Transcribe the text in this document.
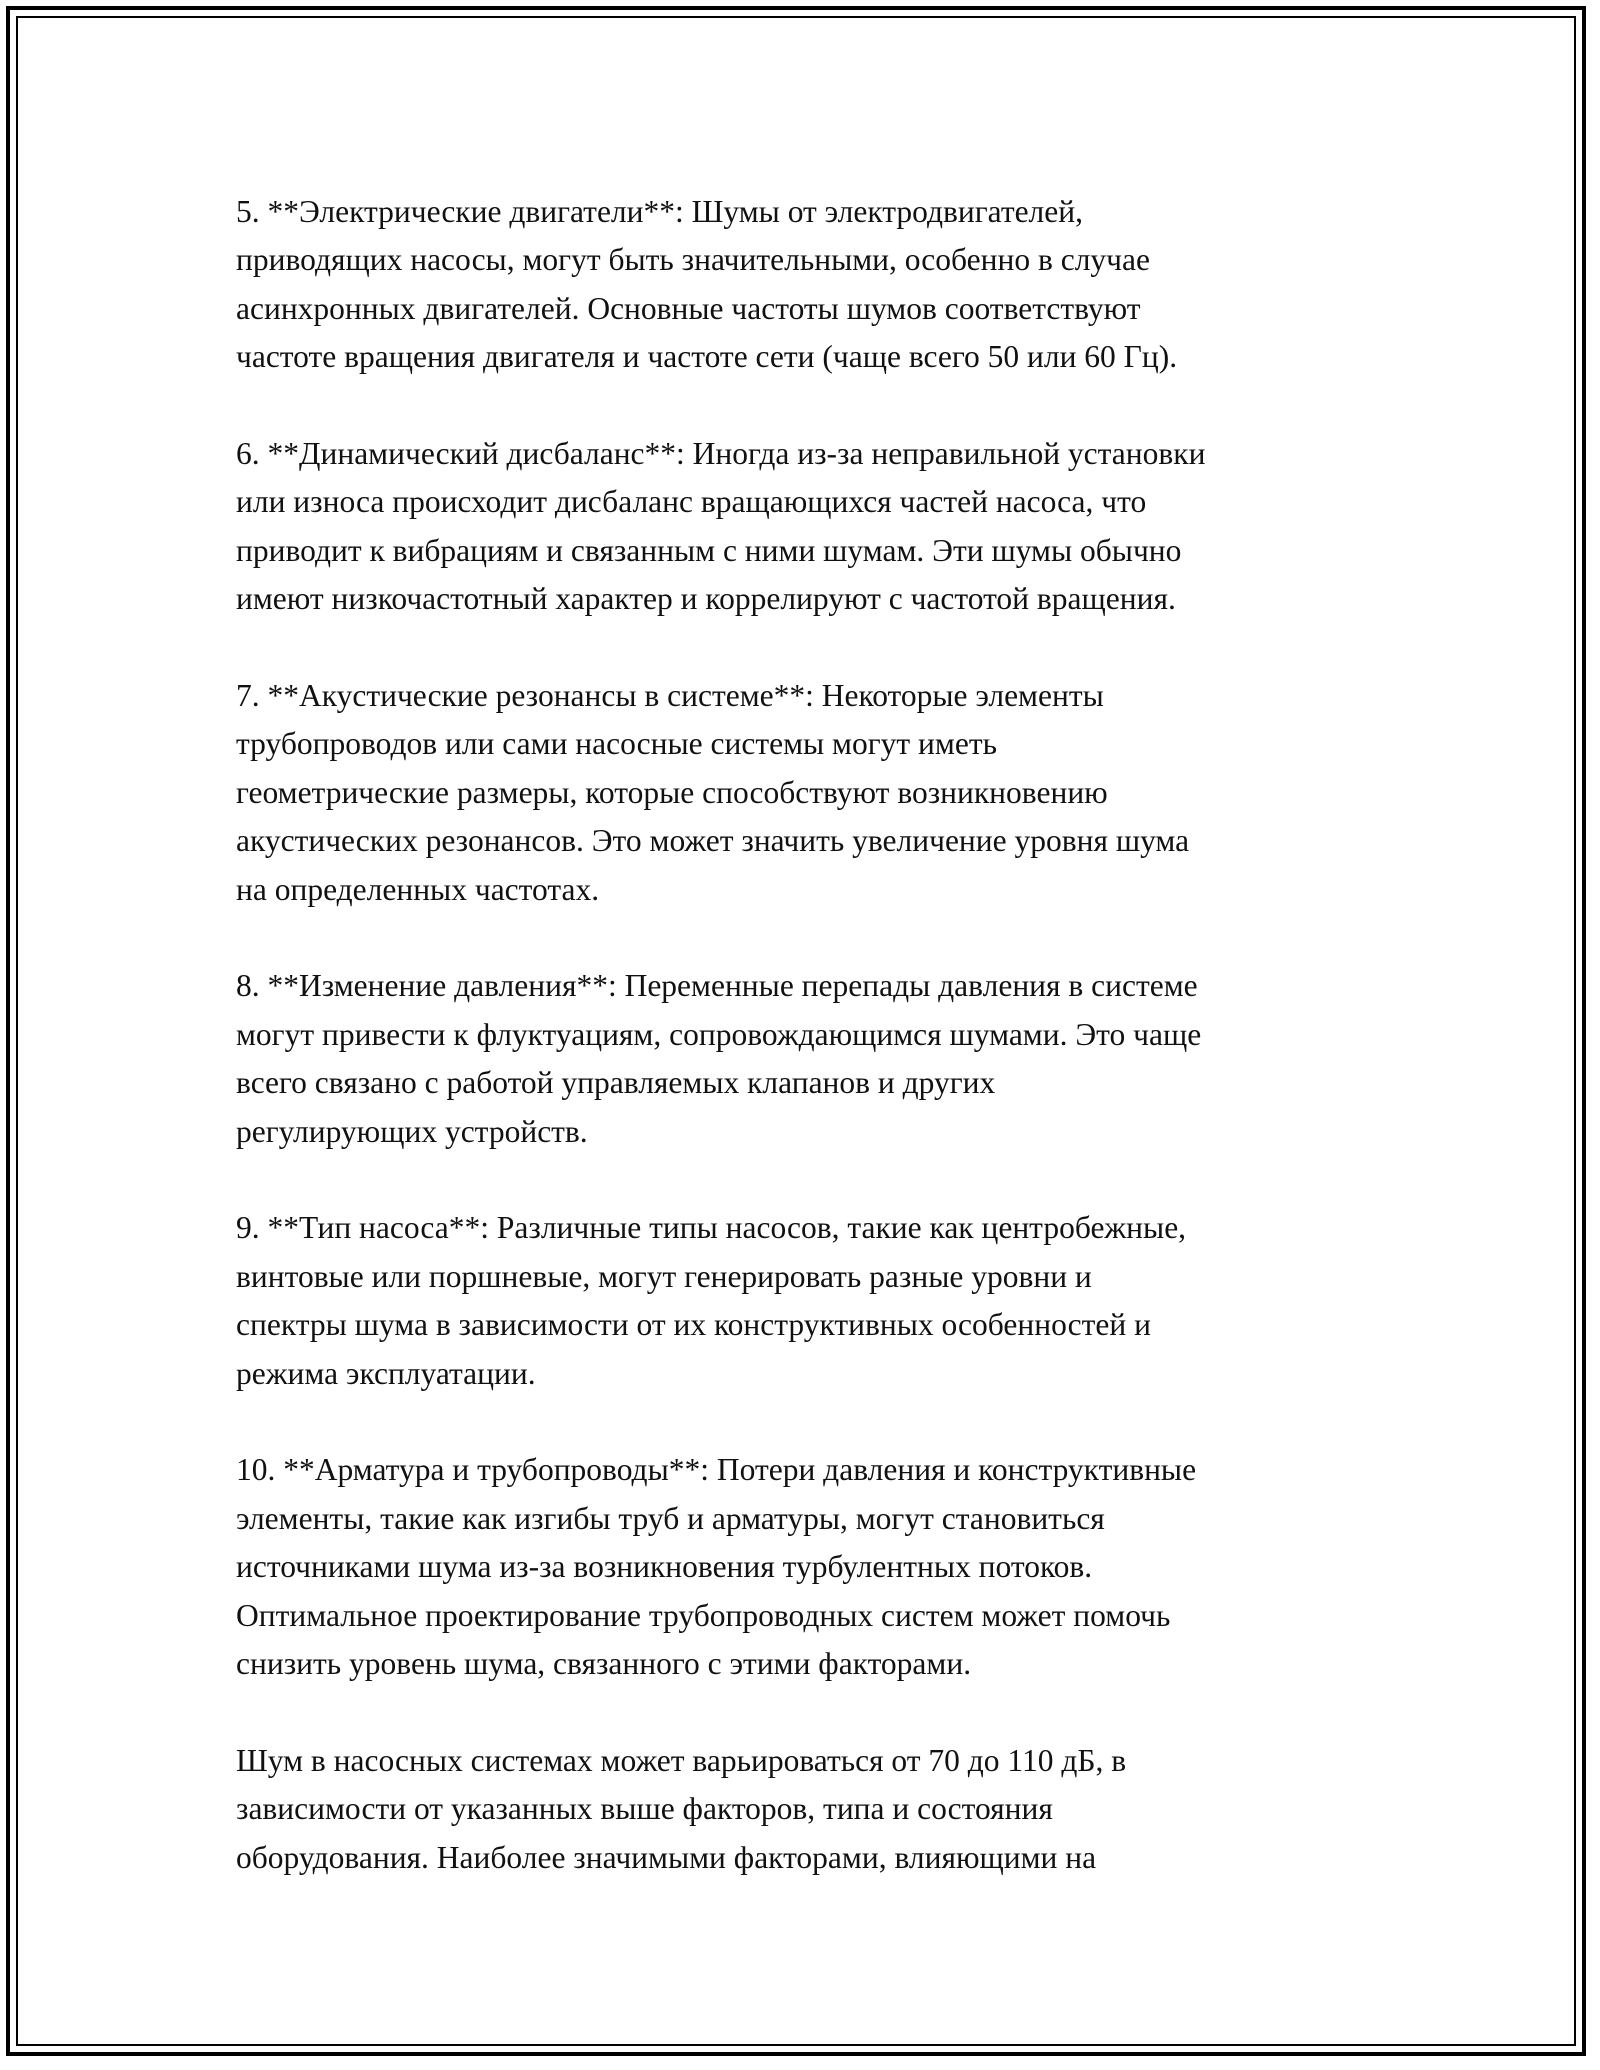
5. **Электрические двигатели**: Шумы от электродвигателей,
приводящих насосы, могут быть значительными, особенно в случае
асинхронных двигателей. Основные частоты шумов соответствуют
частоте вращения двигателя и частоте сети (чаще всего 50 или 60 Гц).
6. **Динамический дисбаланс**: Иногда из-за неправильной установки
или износа происходит дисбаланс вращающихся частей насоса, что
приводит к вибрациям и связанным с ними шумам. Эти шумы обычно
имеют низкочастотный характер и коррелируют с частотой вращения.
7. **Акустические резонансы в системе**: Некоторые элементы
трубопроводов или сами насосные системы могут иметь
геометрические размеры, которые способствуют возникновению
акустических резонансов. Это может значить увеличение уровня шума
на определенных частотах.
8. **Изменение давления**: Переменные перепады давления в системе
могут привести к флуктуациям, сопровождающимся шумами. Это чаще
всего связано с работой управляемых клапанов и других
регулирующих устройств.
9. **Тип насоса**: Различные типы насосов, такие как центробежные,
винтовые или поршневые, могут генерировать разные уровни и
спектры шума в зависимости от их конструктивных особенностей и
режима эксплуатации.
10. **Арматура и трубопроводы**: Потери давления и конструктивные
элементы, такие как изгибы труб и арматуры, могут становиться
источниками шума из-за возникновения турбулентных потоков.
Оптимальное проектирование трубопроводных систем может помочь
снизить уровень шума, связанного с этими факторами.
Шум в насосных системах может варьироваться от 70 до 110 дБ, в
зависимости от указанных выше факторов, типа и состояния
оборудования. Наиболее значимыми факторами, влияющими на
